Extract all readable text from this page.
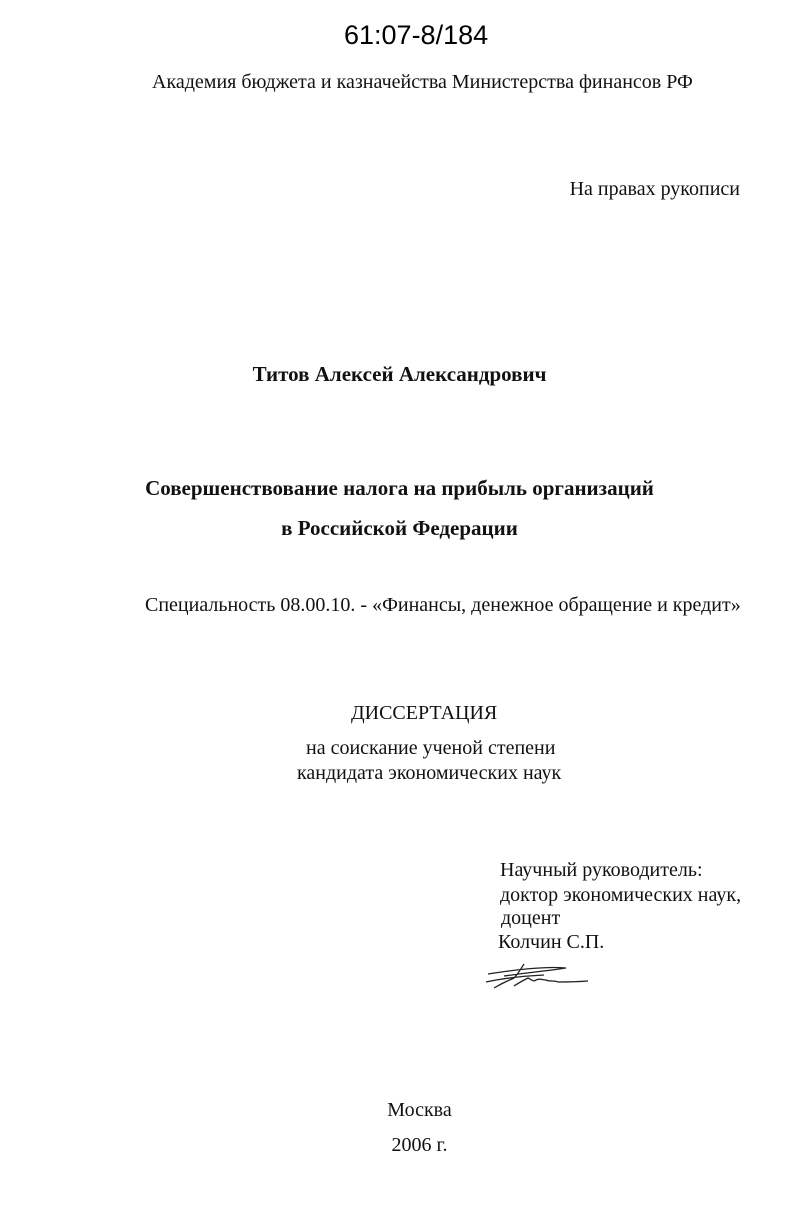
61:07-8/184
Академия бюджета и казначейства Министерства финансов РФ
На правах рукописи
Титов Алексей Александрович
Совершенствование налога на прибыль организаций
в Российской Федерации
Специальность 08.00.10. - «Финансы, денежное обращение и кредит»
ДИССЕРТАЦИЯ
на соискание ученой степени
кандидата экономических наук
Научный руководитель:
доктор экономических наук,
доцент
Колчин С.П.
Москва
2006 г.
